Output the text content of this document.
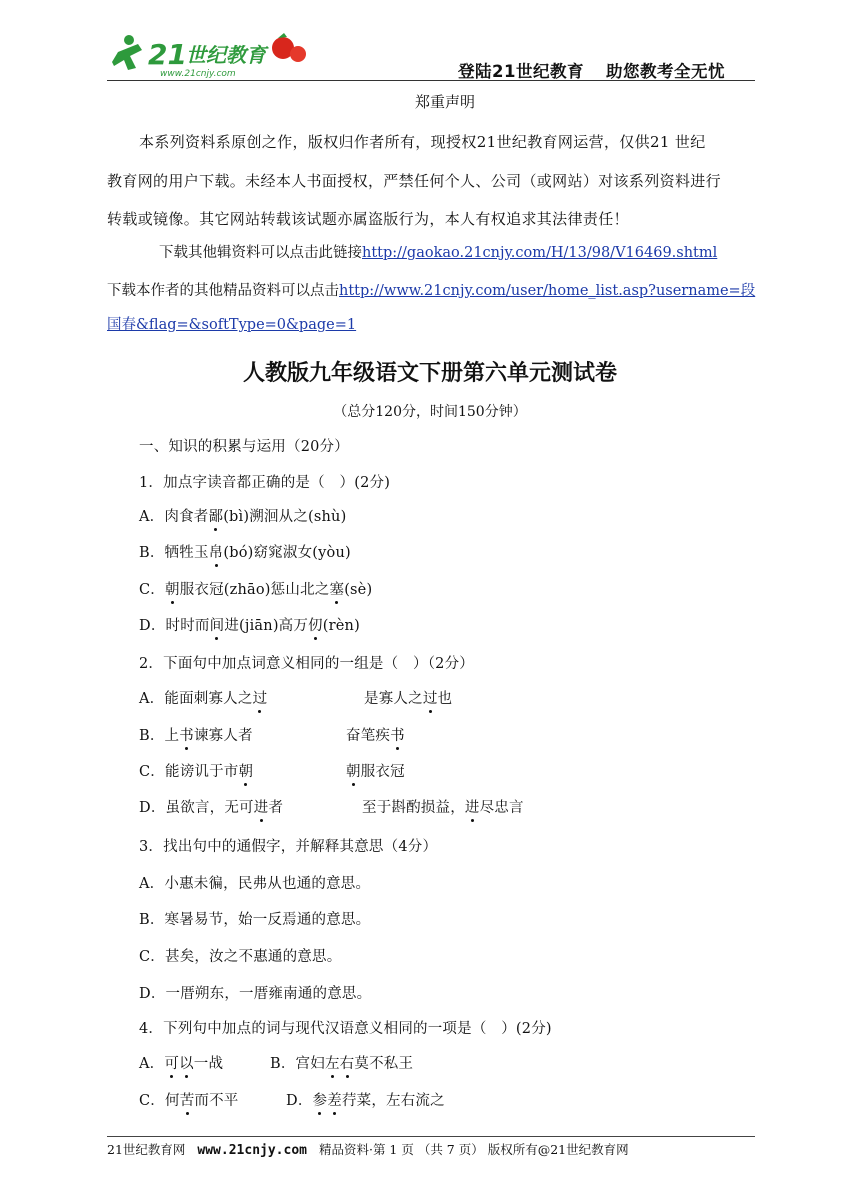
21 世纪教育
www.21cnjy.com	登陆21世纪教育 助您教考全无忧
郑重声明
本系列资料系原创之作，版权归作者所有，现授权21世纪教育网运营，仅供21 世纪
教育网的用户下载。未经本人书面授权，严禁任何个人、公司（或网站）对该系列资料进行
转载或镜像。其它网站转载该试题亦属盗版行为，本人有权追求其法律责任！
下载其他辑资料可以点击此链接http://gaokao.21cnjy.com/H/13/98/V16469.shtml
下载本作者的其他精品资料可以点击http://www.21cnjy.com/user/home_list.asp?username=段
国春&flag=&softType=0&page=1
人教版九年级语文下册第六单元测试卷
（总分120分，时间150分钟）
一、知识的积累与运用（20分）
1．加点字读音都正确的是（　）(2分)
A．肉食者鄙(bì)溯洄从之(shù)
B．牺牲玉帛(bó)窈窕淑女(yòu)
C．朝服衣冠(zhāo)惩山北之塞(sè)
D．时时而间进(jiān)高万仞(rèn)
2．下面句中加点词意义相同的一组是（　）（2分）
A．能面刺寡人之过	是寡人之过也
B．上书谏寡人者	奋笔疾书
C．能谤讥于市朝	朝服衣冠
D．虽欲言，无可进者	至于斟酌损益，进尽忠言
3．找出句中的通假字，并解释其意思（4分）
A．小惠未徧，民弗从也通的意思。
B．寒暑易节，始一反焉通的意思。
C．甚矣，汝之不惠通的意思。
D．一厝朔东，一厝雍南通的意思。
4．下列句中加点的词与现代汉语意义相同的一项是（　）(2分)
A．可以一战	B．宫妇左右莫不私王
C．何苦而不平	D．参差荇菜，左右流之
21世纪教育网 www.21cnjy.com 精品资料·第 1 页 （共 7 页） 版权所有@21世纪教育网
